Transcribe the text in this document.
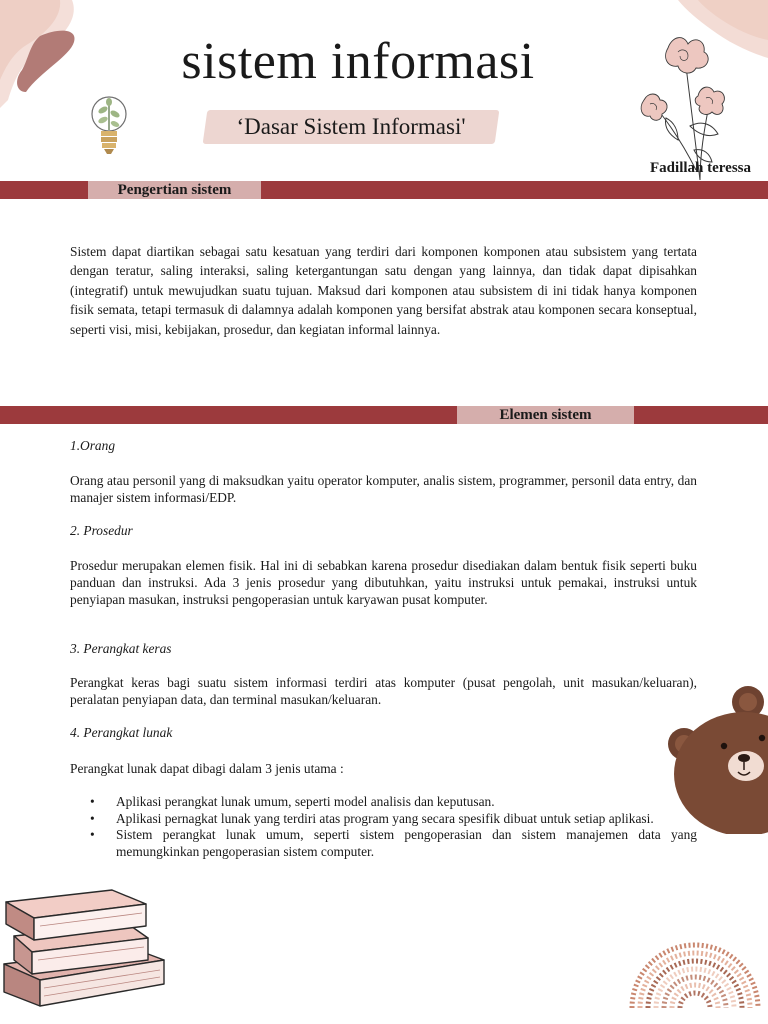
sistem informasi

‘Dasar Sistem Informasi'

Fadillah teressa
Pengertian sistem

Sistem dapat diartikan sebagai satu kesatuan yang terdiri dari komponen komponen atau subsistem yang tertata dengan teratur, saling interaksi, saling ketergantungan satu dengan yang lainnya, dan tidak dapat dipisahkan (integratif) untuk mewujudkan suatu tujuan. Maksud dari komponen atau subsistem di ini tidak hanya komponen fisik semata, tetapi termasuk di dalamnya adalah komponen yang bersifat abstrak atau komponen secara konseptual, seperti visi, misi, kebijakan, prosedur, dan kegiatan informal lainnya.

Elemen sistem

1.Orang

Orang atau personil yang di maksudkan yaitu operator komputer, analis sistem, programmer, personil data entry, dan manajer sistem informasi/EDP.

2. Prosedur

Prosedur merupakan elemen fisik. Hal ini di sebabkan karena prosedur disediakan dalam bentuk fisik seperti buku panduan dan instruksi. Ada 3 jenis prosedur yang dibutuhkan, yaitu instruksi untuk pemakai, instruksi untuk penyiapan masukan, instruksi pengoperasian untuk karyawan pusat komputer.

3. Perangkat keras

Perangkat keras bagi suatu sistem informasi terdiri atas komputer (pusat pengolah, unit masukan/keluaran), peralatan penyiapan data, dan terminal masukan/keluaran.

4. Perangkat lunak

Perangkat lunak dapat dibagi dalam 3 jenis utama :

• Aplikasi perangkat lunak umum, seperti model analisis dan keputusan.
• Aplikasi pernagkat lunak yang terdiri atas program yang secara spesifik dibuat untuk setiap aplikasi.
• Sistem perangkat lunak umum, seperti sistem pengoperasian dan sistem manajemen data yang memungkinkan pengoperasian sistem computer.
